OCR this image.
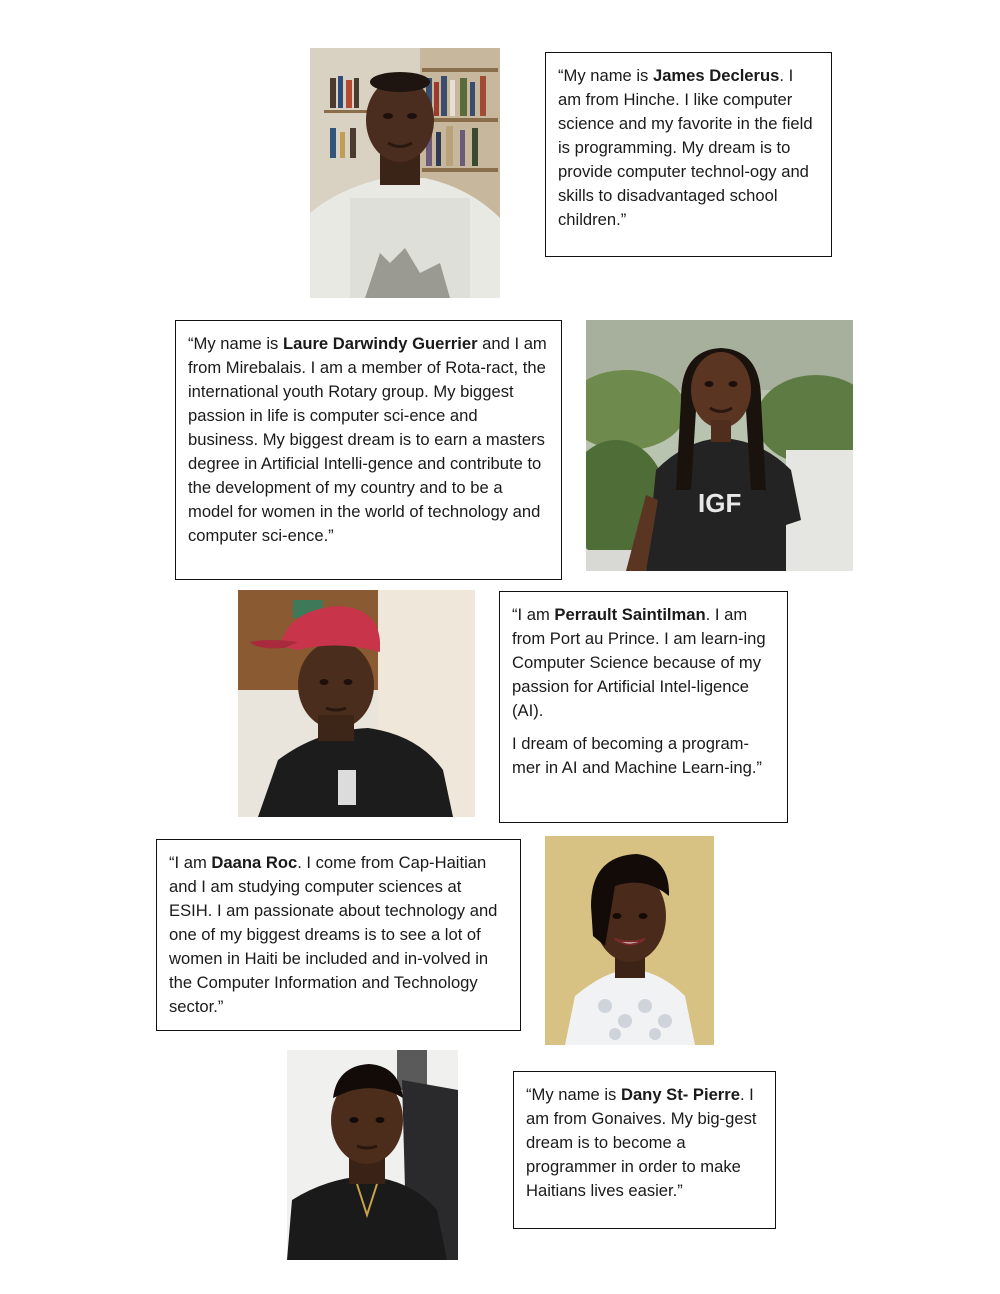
“My name is James Declerus. I am from Hinche. I like computer science and my favorite in the field is programming. My dream is to provide computer technol-ogy and skills to disadvantaged school children.”

“My name is Laure Darwindy Guerrier and I am from Mirebalais. I am a member of Rota-ract, the international youth Rotary group. My biggest passion in life is computer sci-ence and business. My biggest dream is to earn a masters degree in Artificial Intelli-gence and contribute to the development of my country and to be a model for women in the world of technology and computer sci-ence.”

IGF

“I am Perrault Saintilman. I am from Port au Prince. I am learn-ing Computer Science because of my passion for Artificial Intel-ligence (AI).

I dream of becoming a program-mer in AI and Machine Learn-ing.”

“I am Daana Roc. I come from Cap-Haitian and I am studying computer sciences at ESIH. I am passionate about technology and one of my biggest dreams is to see a lot of women in Haiti be included and in-volved in the Computer Information and Technology sector.”

“My name is Dany St- Pierre. I am from Gonaives. My big-gest dream is to become a programmer in order to make Haitians lives easier.”
